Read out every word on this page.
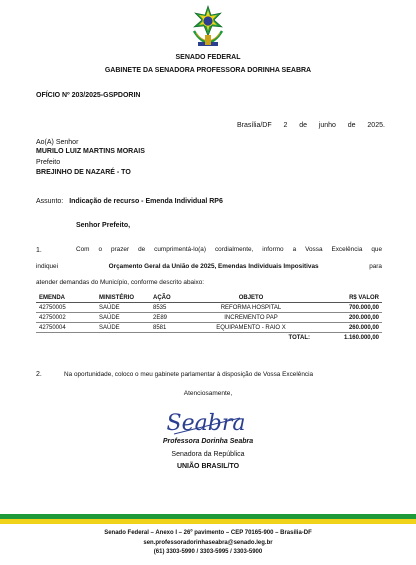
SENADO FEDERAL
GABINETE DA SENADORA PROFESSORA DORINHA SEABRA
OFÍCIO Nº 203/2025-GSPDORIN
Brasília/DF 2 de junho de 2025.
Ao(A) Senhor
MURILO LUIZ MARTINS MORAIS
Prefeito
BREJINHO DE NAZARÉ - TO
Assunto: Indicação de recurso - Emenda Individual RP6
Senhor Prefeito,
1.	Com o prazer de cumprimentá-lo(a) cordialmente, informo a Vossa Excelência que
indiquei	Orçamento Geral da União de 2025, Emendas Individuais Impositivas	para
atender demandas do Município, conforme descrito abaixo:
EMENDA	MINISTÉRIO	AÇÃO	OBJETO	R$ VALOR
42750005	SAÚDE	8535	REFORMA HOSPITAL	700.000,00
42750002	SAÚDE	2E89	INCREMENTO PAP	200.000,00
42750004	SAÚDE	8581	EQUIPAMENTO - RAIO X	260.000,00
TOTAL:				1.160.000,00
2.	Na oportunidade, coloco o meu gabinete parlamentar à disposição de Vossa Excelência
Atenciosamente,
Seabra
Professora Dorinha Seabra
Senadora da República
UNIÃO BRASIL/TO
Senado Federal – Anexo I – 26º pavimento – CEP 70165-900 – Brasília-DF
sen.professoradorinhaseabra@senado.leg.br
(61) 3303-5990 / 3303-5995 / 3303-5900
